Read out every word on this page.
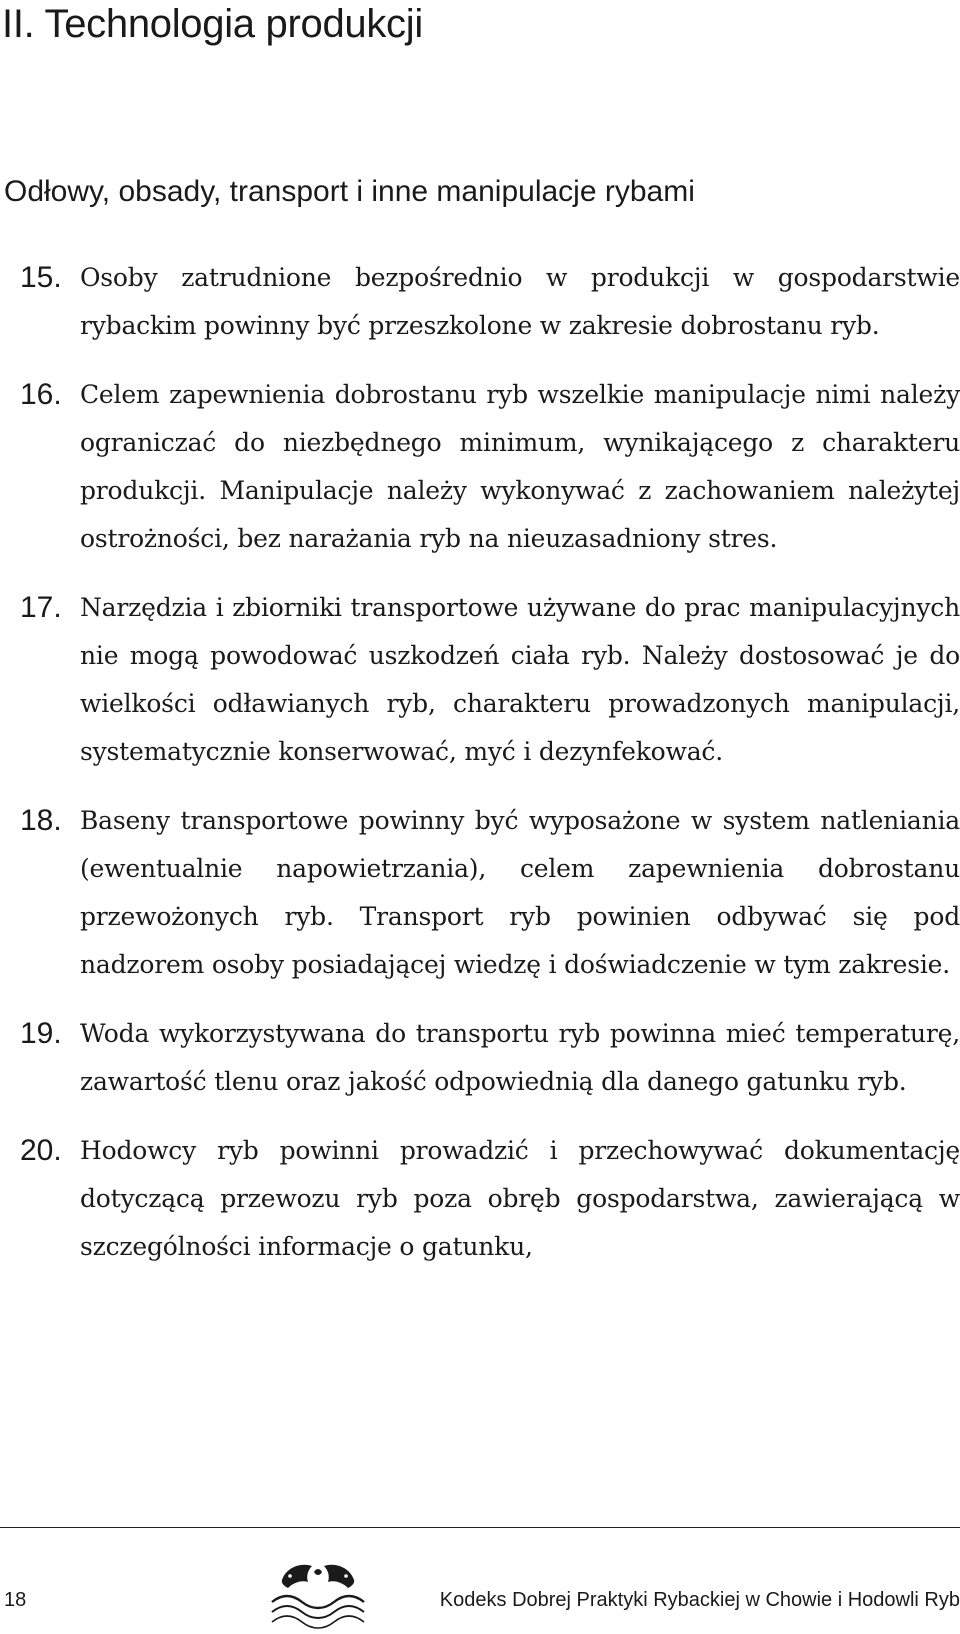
II. Technologia produkcji
Odłowy, obsady, transport i inne manipulacje rybami
15. Osoby zatrudnione bezpośrednio w produkcji w gospodarstwie rybackim powinny być przeszkolone w zakresie dobrostanu ryb.
16. Celem zapewnienia dobrostanu ryb wszelkie manipulacje nimi należy ograniczać do niezbędnego minimum, wynikającego z charakteru produkcji. Manipulacje należy wykonywać z zachowaniem należytej ostrożności, bez narażania ryb na nieuzasadniony stres.
17. Narzędzia i zbiorniki transportowe używane do prac manipulacyjnych nie mogą powodować uszkodzeń ciała ryb. Należy dostosować je do wielkości odławianych ryb, charakteru prowadzonych manipulacji, systematycznie konserwować, myć i dezynfekować.
18. Baseny transportowe powinny być wyposażone w system natleniania (ewentualnie napowietrzania), celem zapewnienia dobrostanu przewożonych ryb. Transport ryb powinien odbywać się pod nadzorem osoby posiadającej wiedzę i doświadczenie w tym zakresie.
19. Woda wykorzystywana do transportu ryb powinna mieć temperaturę, zawartość tlenu oraz jakość odpowiednią dla danego gatunku ryb.
20. Hodowcy ryb powinni prowadzić i przechowywać dokumentację dotyczącą przewozu ryb poza obręb gospodarstwa, zawierającą w szczególności informacje o gatunku,
18	Kodeks Dobrej Praktyki Rybackiej w Chowie i Hodowli Ryb
